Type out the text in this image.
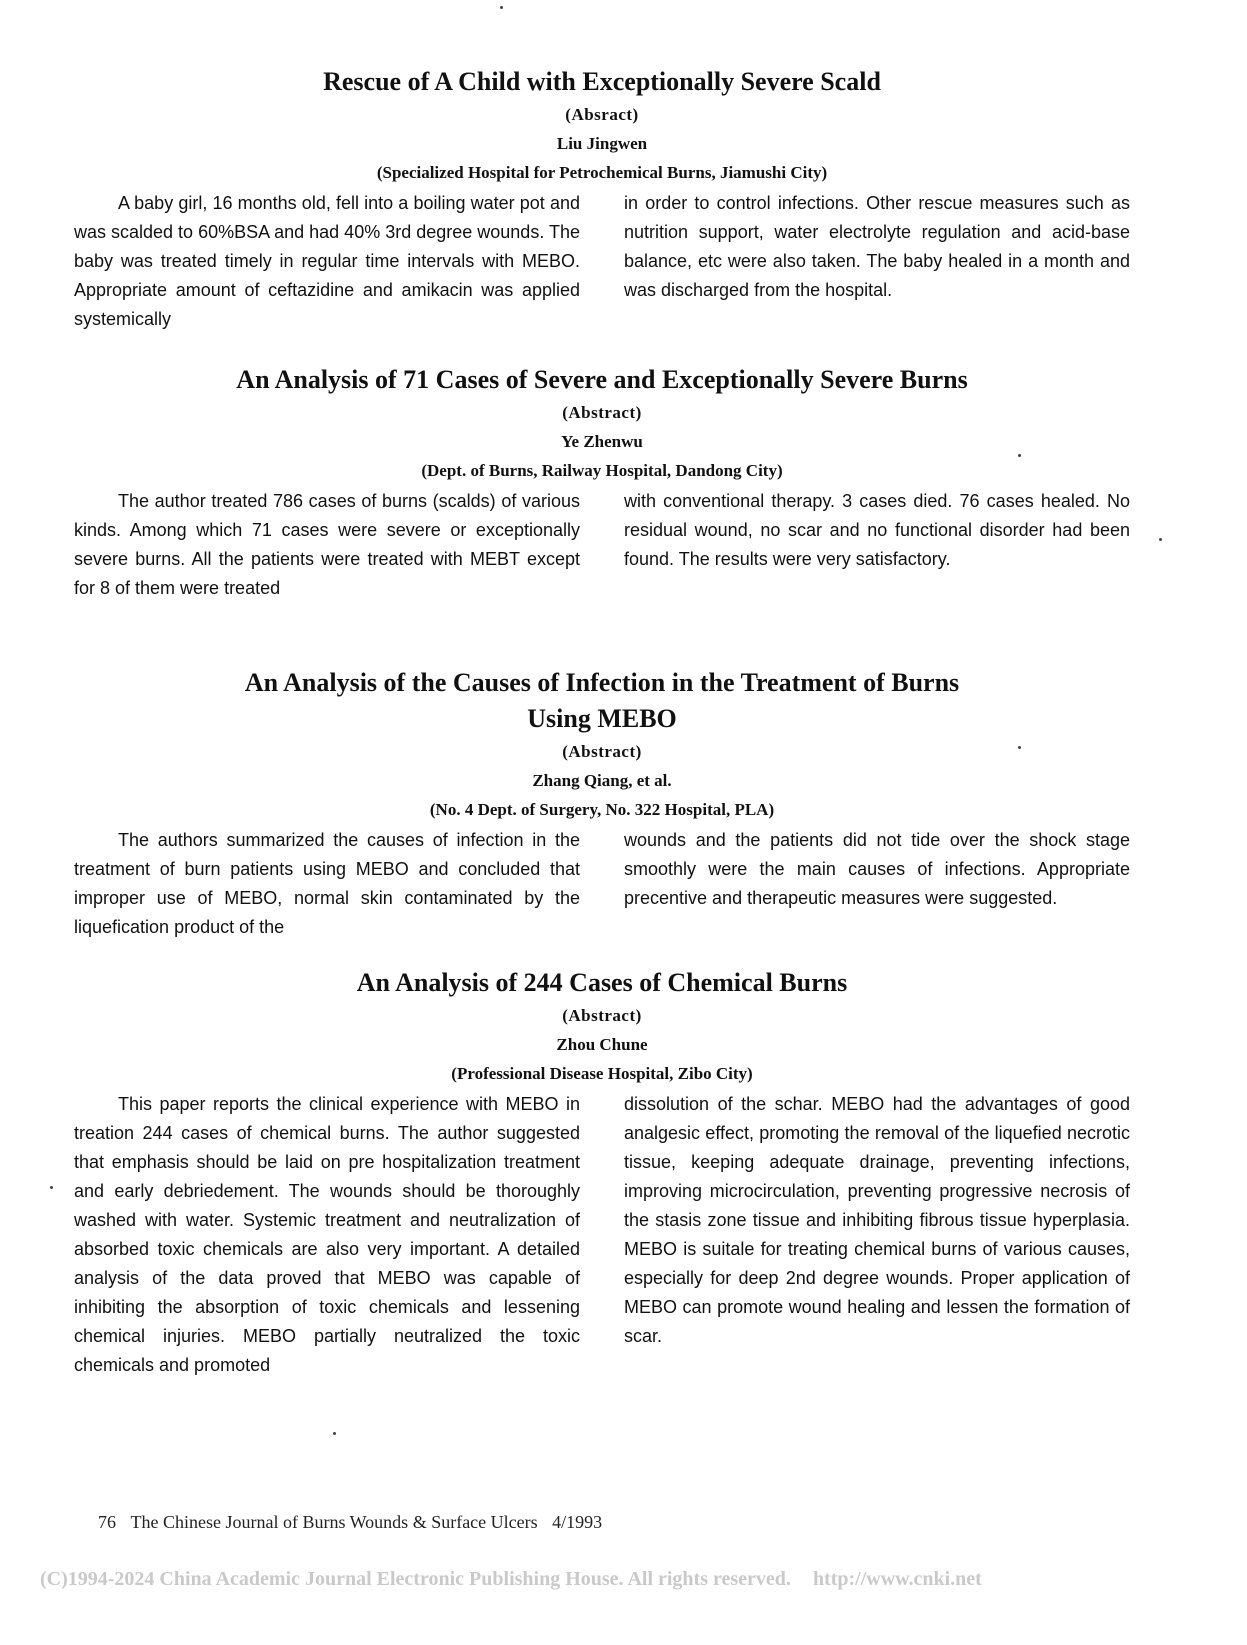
Rescue of A Child with Exceptionally Severe Scald

(Absract)

Liu Jingwen

(Specialized Hospital for Petrochemical Burns, Jiamushi City)

A baby girl, 16 months old, fell into a boiling water pot and was scalded to 60%BSA and had 40% 3rd degree wounds. The baby was treated timely in regular time intervals with MEBO. Appropriate amount of ceftazidine and amikacin was applied systemically

in order to control infections. Other rescue measures such as nutrition support, water electrolyte regulation and acid-base balance, etc were also taken. The baby healed in a month and was discharged from the hospital.

An Analysis of 71 Cases of Severe and Exceptionally Severe Burns

(Abstract)

Ye Zhenwu

(Dept. of Burns, Railway Hospital, Dandong City)

The author treated 786 cases of burns (scalds) of various kinds. Among which 71 cases were severe or exceptionally severe burns. All the patients were treated with MEBT except for 8 of them were treated

with conventional therapy. 3 cases died. 76 cases healed. No residual wound, no scar and no functional disorder had been found. The results were very satisfactory.

An Analysis of the Causes of Infection in the Treatment of Burns Using MEBO

(Abstract)

Zhang Qiang, et al.

(No. 4 Dept. of Surgery, No. 322 Hospital, PLA)

The authors summarized the causes of infection in the treatment of burn patients using MEBO and concluded that improper use of MEBO, normal skin contaminated by the liquefication product of the

wounds and the patients did not tide over the shock stage smoothly were the main causes of infections. Appropriate precentive and therapeutic measures were suggested.

An Analysis of 244 Cases of Chemical Burns

(Abstract)

Zhou Chune

(Professional Disease Hospital, Zibo City)

This paper reports the clinical experience with MEBO in treation 244 cases of chemical burns. The author suggested that emphasis should be laid on pre hospitalization treatment and early debriedement. The wounds should be thoroughly washed with water. Systemic treatment and neutralization of absorbed toxic chemicals are also very important. A detailed analysis of the data proved that MEBO was capable of inhibiting the absorption of toxic chemicals and lessening chemical injuries. MEBO partially neutralized the toxic chemicals and promoted

dissolution of the schar. MEBO had the advantages of good analgesic effect, promoting the removal of the liquefied necrotic tissue, keeping adequate drainage, preventing infections, improving microcirculation, preventing progressive necrosis of the stasis zone tissue and inhibiting fibrous tissue hyperplasia. MEBO is suitale for treating chemical burns of various causes, especially for deep 2nd degree wounds. Proper application of MEBO can promote wound healing and lessen the formation of scar.

76 The Chinese Journal of Burns Wounds & Surface Ulcers 4/1993
(C)1994-2024 China Academic Journal Electronic Publishing House. All rights reserved. http://www.cnki.net
